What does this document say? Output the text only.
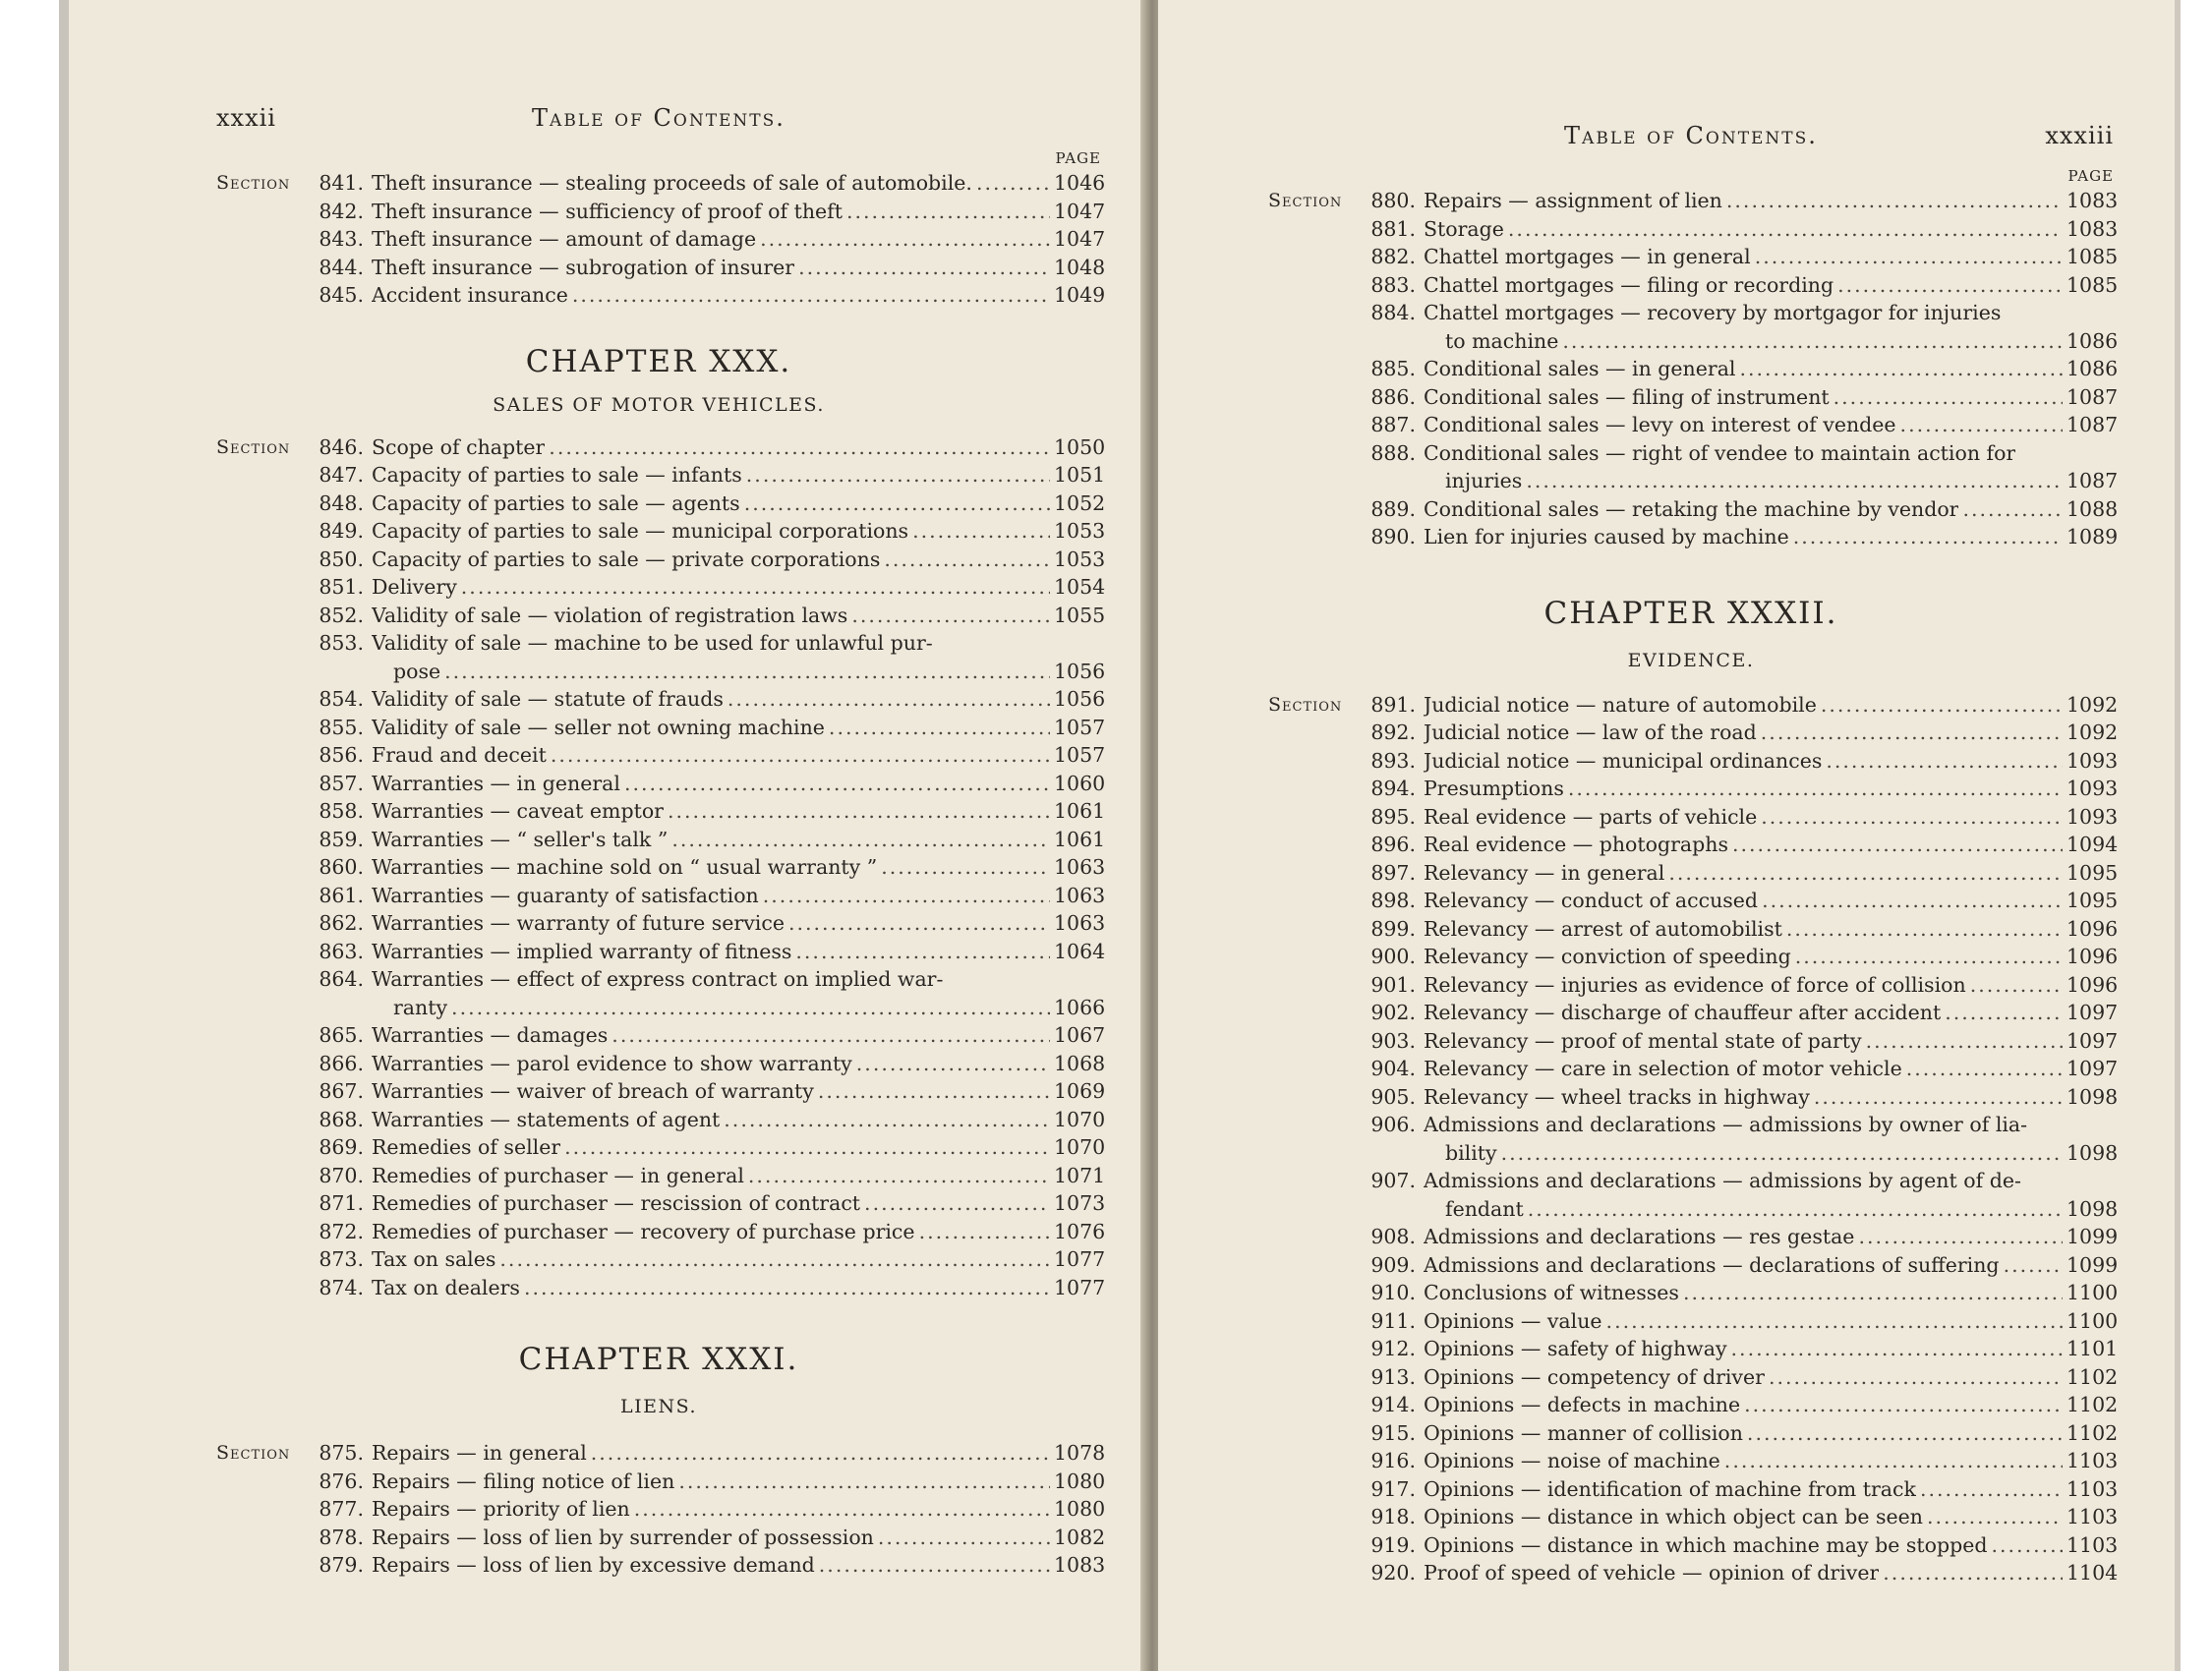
xxxii	Table of Contents.
PAGE
Section	841. Theft insurance — stealing proceeds of sale of automobile. .....	1046
842. Theft insurance — sufficiency of proof of theft .....	1047
843. Theft insurance — amount of damage .....	1047
844. Theft insurance — subrogation of insurer .....	1048
845. Accident insurance .....	1049
CHAPTER XXX.
SALES OF MOTOR VEHICLES.
Section	846. Scope of chapter .....	1050
847. Capacity of parties to sale — infants .....	1051
848. Capacity of parties to sale — agents .....	1052
849. Capacity of parties to sale — municipal corporations .....	1053
850. Capacity of parties to sale — private corporations .....	1053
851. Delivery .....	1054
852. Validity of sale — violation of registration laws .....	1055
853. Validity of sale — machine to be used for unlawful pur-
pose .....	1056
854. Validity of sale — statute of frauds .....	1056
855. Validity of sale — seller not owning machine .....	1057
856. Fraud and deceit .....	1057
857. Warranties — in general .....	1060
858. Warranties — caveat emptor .....	1061
859. Warranties — “ seller's talk ” .....	1061
860. Warranties — machine sold on “ usual warranty ” .....	1063
861. Warranties — guaranty of satisfaction .....	1063
862. Warranties — warranty of future service .....	1063
863. Warranties — implied warranty of fitness .....	1064
864. Warranties — effect of express contract on implied war-
ranty .....	1066
865. Warranties — damages .....	1067
866. Warranties — parol evidence to show warranty .....	1068
867. Warranties — waiver of breach of warranty .....	1069
868. Warranties — statements of agent .....	1070
869. Remedies of seller .....	1070
870. Remedies of purchaser — in general .....	1071
871. Remedies of purchaser — rescission of contract .....	1073
872. Remedies of purchaser — recovery of purchase price .....	1076
873. Tax on sales .....	1077
874. Tax on dealers .....	1077
CHAPTER XXXI.
LIENS.
Section	875. Repairs — in general .....	1078
876. Repairs — filing notice of lien .....	1080
877. Repairs — priority of lien .....	1080
878. Repairs — loss of lien by surrender of possession .....	1082
879. Repairs — loss of lien by excessive demand .....	1083
Table of Contents.	xxxiii
PAGE
Section	880. Repairs — assignment of lien .....	1083
881. Storage .....	1083
882. Chattel mortgages — in general .....	1085
883. Chattel mortgages — filing or recording .....	1085
884. Chattel mortgages — recovery by mortgagor for injuries
to machine .....	1086
885. Conditional sales — in general .....	1086
886. Conditional sales — filing of instrument .....	1087
887. Conditional sales — levy on interest of vendee .....	1087
888. Conditional sales — right of vendee to maintain action for
injuries .....	1087
889. Conditional sales — retaking the machine by vendor .....	1088
890. Lien for injuries caused by machine .....	1089
CHAPTER XXXII.
EVIDENCE.
Section	891. Judicial notice — nature of automobile .....	1092
892. Judicial notice — law of the road .....	1092
893. Judicial notice — municipal ordinances .....	1093
894. Presumptions .....	1093
895. Real evidence — parts of vehicle .....	1093
896. Real evidence — photographs .....	1094
897. Relevancy — in general .....	1095
898. Relevancy — conduct of accused .....	1095
899. Relevancy — arrest of automobilist .....	1096
900. Relevancy — conviction of speeding .....	1096
901. Relevancy — injuries as evidence of force of collision .....	1096
902. Relevancy — discharge of chauffeur after accident .....	1097
903. Relevancy — proof of mental state of party .....	1097
904. Relevancy — care in selection of motor vehicle .....	1097
905. Relevancy — wheel tracks in highway .....	1098
906. Admissions and declarations — admissions by owner of lia-
bility .....	1098
907. Admissions and declarations — admissions by agent of de-
fendant .....	1098
908. Admissions and declarations — res gestae .....	1099
909. Admissions and declarations — declarations of suffering .....	1099
910. Conclusions of witnesses .....	1100
911. Opinions — value .....	1100
912. Opinions — safety of highway .....	1101
913. Opinions — competency of driver .....	1102
914. Opinions — defects in machine .....	1102
915. Opinions — manner of collision .....	1102
916. Opinions — noise of machine .....	1103
917. Opinions — identification of machine from track .....	1103
918. Opinions — distance in which object can be seen .....	1103
919. Opinions — distance in which machine may be stopped .....	1103
920. Proof of speed of vehicle — opinion of driver .....	1104
